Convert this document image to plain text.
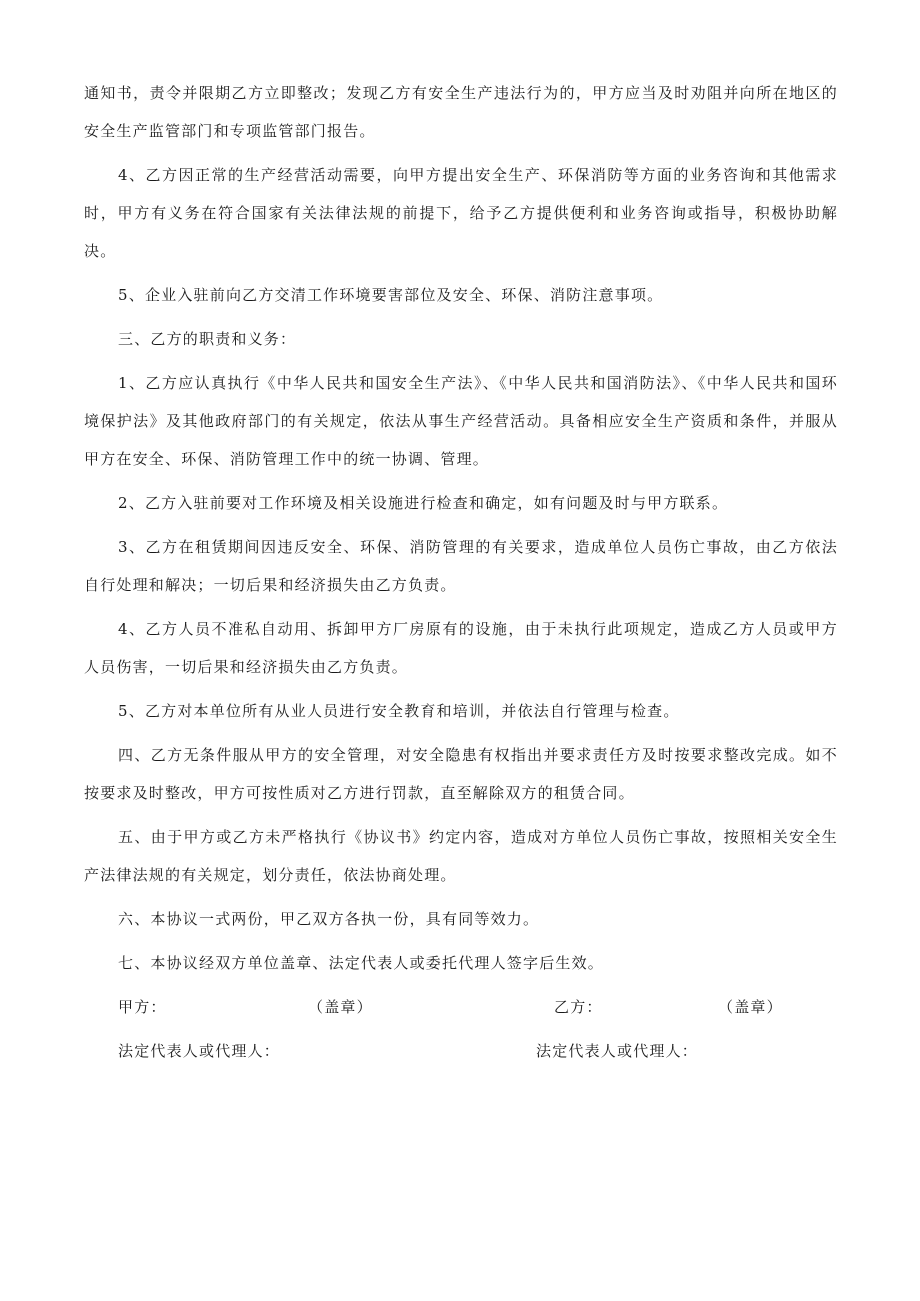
通知书，责令并限期乙方立即整改；发现乙方有安全生产违法行为的，甲方应当及时劝阻并向所在地区的安全生产监管部门和专项监管部门报告。

4、乙方因正常的生产经营活动需要，向甲方提出安全生产、环保消防等方面的业务咨询和其他需求时，甲方有义务在符合国家有关法律法规的前提下，给予乙方提供便利和业务咨询或指导，积极协助解决。

5、企业入驻前向乙方交清工作环境要害部位及安全、环保、消防注意事项。

三、乙方的职责和义务：

1、乙方应认真执行《中华人民共和国安全生产法》、《中华人民共和国消防法》、《中华人民共和国环境保护法》及其他政府部门的有关规定，依法从事生产经营活动。具备相应安全生产资质和条件，并服从甲方在安全、环保、消防管理工作中的统一协调、管理。

2、乙方入驻前要对工作环境及相关设施进行检查和确定，如有问题及时与甲方联系。

3、乙方在租赁期间因违反安全、环保、消防管理的有关要求，造成单位人员伤亡事故，由乙方依法自行处理和解决；一切后果和经济损失由乙方负责。

4、乙方人员不准私自动用、拆卸甲方厂房原有的设施，由于未执行此项规定，造成乙方人员或甲方人员伤害，一切后果和经济损失由乙方负责。

5、乙方对本单位所有从业人员进行安全教育和培训，并依法自行管理与检查。

四、乙方无条件服从甲方的安全管理，对安全隐患有权指出并要求责任方及时按要求整改完成。如不按要求及时整改，甲方可按性质对乙方进行罚款，直至解除双方的租赁合同。

五、由于甲方或乙方未严格执行《协议书》约定内容，造成对方单位人员伤亡事故，按照相关安全生产法律法规的有关规定，划分责任，依法协商处理。

六、本协议一式两份，甲乙双方各执一份，具有同等效力。

七、本协议经双方单位盖章、法定代表人或委托代理人签字后生效。

甲方：	（盖章）	乙方：	（盖章）
法定代表人或代理人：	法定代表人或代理人：
